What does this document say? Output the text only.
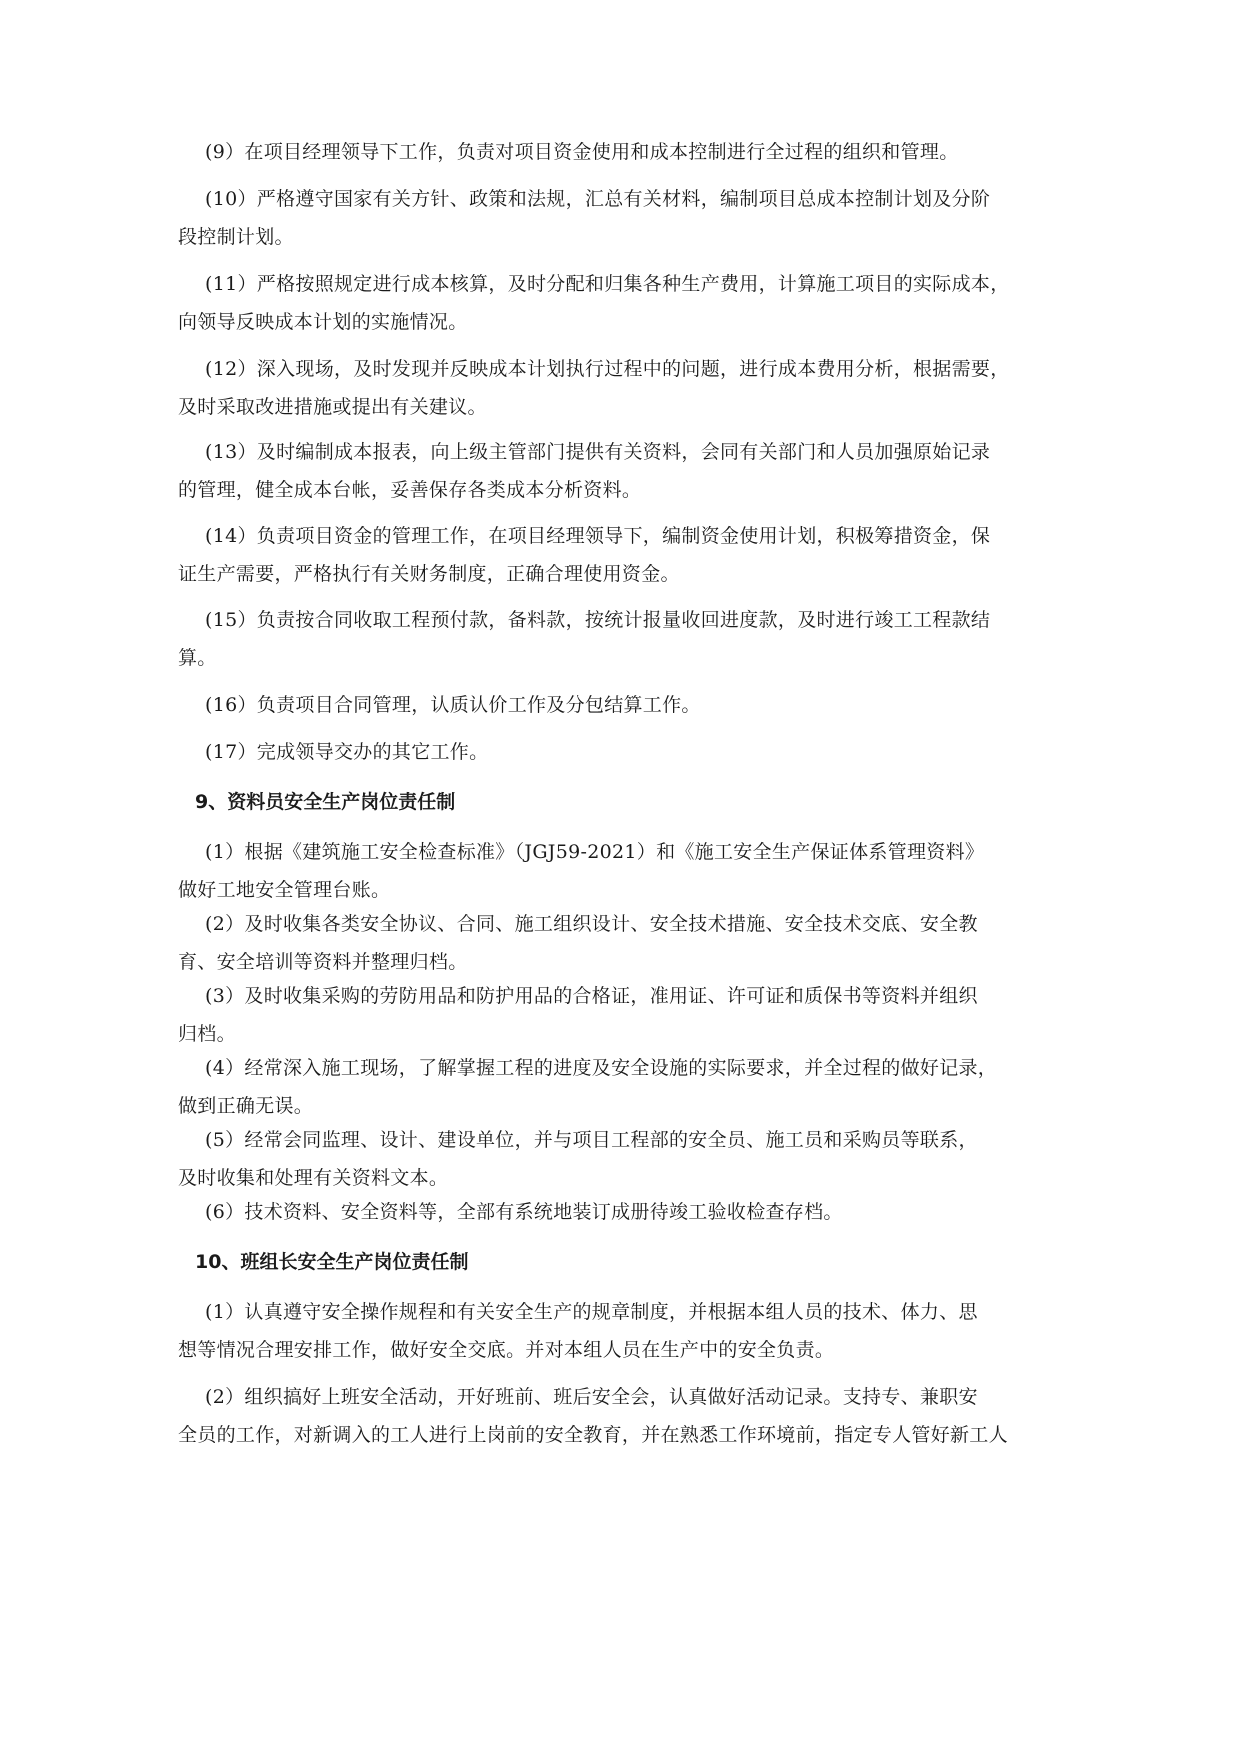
(9）在项目经理领导下工作，负责对项目资金使用和成本控制进行全过程的组织和管理。

(10）严格遵守国家有关方针、政策和法规，汇总有关材料，编制项目总成本控制计划及分阶
段控制计划。

(11）严格按照规定进行成本核算，及时分配和归集各种生产费用，计算施工项目的实际成本，
向领导反映成本计划的实施情况。

(12）深入现场，及时发现并反映成本计划执行过程中的问题，进行成本费用分析，根据需要，
及时采取改进措施或提出有关建议。

(13）及时编制成本报表，向上级主管部门提供有关资料，会同有关部门和人员加强原始记录
的管理，健全成本台帐，妥善保存各类成本分析资料。

(14）负责项目资金的管理工作，在项目经理领导下，编制资金使用计划，积极筹措资金，保
证生产需要，严格执行有关财务制度，正确合理使用资金。

(15）负责按合同收取工程预付款，备料款，按统计报量收回进度款，及时进行竣工工程款结
算。

(16）负责项目合同管理，认质认价工作及分包结算工作。

(17）完成领导交办的其它工作。

9、资料员安全生产岗位责任制

(1）根据《建筑施工安全检查标准》（JGJ59-2021）和《施工安全生产保证体系管理资料》
做好工地安全管理台账。

(2）及时收集各类安全协议、合同、施工组织设计、安全技术措施、安全技术交底、安全教
育、安全培训等资料并整理归档。

(3）及时收集采购的劳防用品和防护用品的合格证，准用证、许可证和质保书等资料并组织
归档。

(4）经常深入施工现场，了解掌握工程的进度及安全设施的实际要求，并全过程的做好记录，
做到正确无误。

(5）经常会同监理、设计、建设单位，并与项目工程部的安全员、施工员和采购员等联系，
及时收集和处理有关资料文本。

(6）技术资料、安全资料等，全部有系统地装订成册待竣工验收检查存档。

10、班组长安全生产岗位责任制

(1）认真遵守安全操作规程和有关安全生产的规章制度，并根据本组人员的技术、体力、思
想等情况合理安排工作，做好安全交底。并对本组人员在生产中的安全负责。

(2）组织搞好上班安全活动，开好班前、班后安全会，认真做好活动记录。支持专、兼职安
全员的工作，对新调入的工人进行上岗前的安全教育，并在熟悉工作环境前，指定专人管好新工人
